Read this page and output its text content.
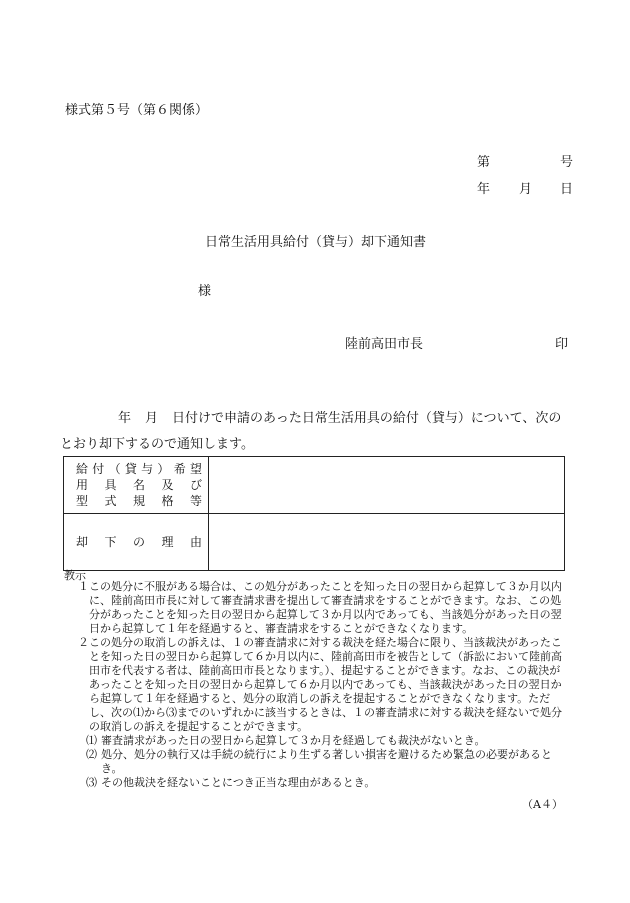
様式第５号（第６関係）
第	号
年 月 日
日常生活用具給付（貸与）却下通知書
様
陸前高田市長	印
年 月 日付けで申請のあった日常生活用具の給付（貸与）について、次の
とおり却下するので通知します。
給付（貸与）希望
用具名及び
型式規格等	

却下の理由	

教示

１ この処分に不服がある場合は、この処分があったことを知った日の翌日から起算して３か月以内に、陸前高田市長に対して審査請求書を提出して審査請求をすることができます。なお、この処分があったことを知った日の翌日から起算して３か月以内であっても、当該処分があった日の翌日から起算して１年を経過すると、審査請求をすることができなくなります。

２ この処分の取消しの訴えは、１の審査請求に対する裁決を経た場合に限り、当該裁決があったことを知った日の翌日から起算して６か月以内に、陸前高田市を被告として（訴訟において陸前高田市を代表する者は、陸前高田市長となります。）、提起することができます。なお、この裁決があったことを知った日の翌日から起算して６か月以内であっても、当該裁決があった日の翌日から起算して１年を経過すると、処分の取消しの訴えを提起することができなくなります。ただし、次の⑴から⑶までのいずれかに該当するときは、１の審査請求に対する裁決を経ないで処分の取消しの訴えを提起することができます。

⑴ 審査請求があった日の翌日から起算して３か月を経過しても裁決がないとき。

⑵ 処分、処分の執行又は手続の続行により生ずる著しい損害を避けるため緊急の必要があるとき。

⑶ その他裁決を経ないことにつき正当な理由があるとき。

（A４）
